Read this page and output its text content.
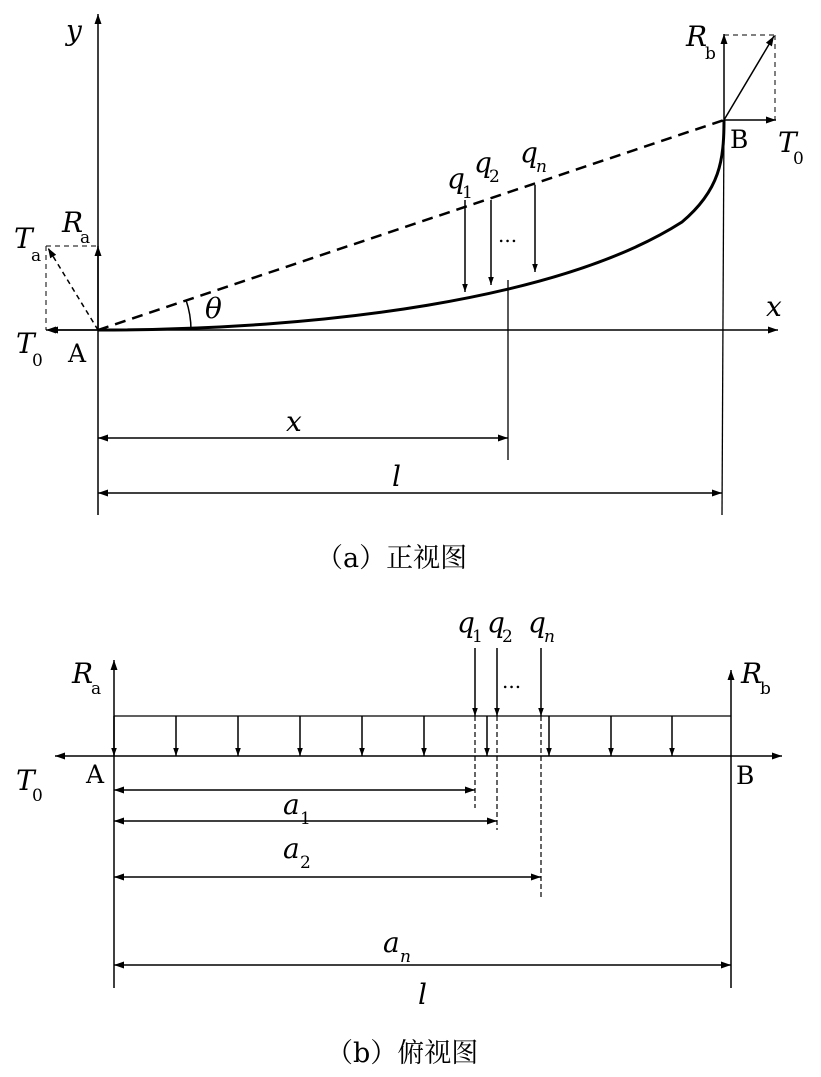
y
x
θ
A
B
T
0
T
a
R
a
R
b
T
0
q
1
q
2
q
n
...
x
l
（a）正视图
R
a	R
b
T
0
A	B
q
1 q
2 q
n
...
a 1
a 2
a n
l
（b）俯视图
